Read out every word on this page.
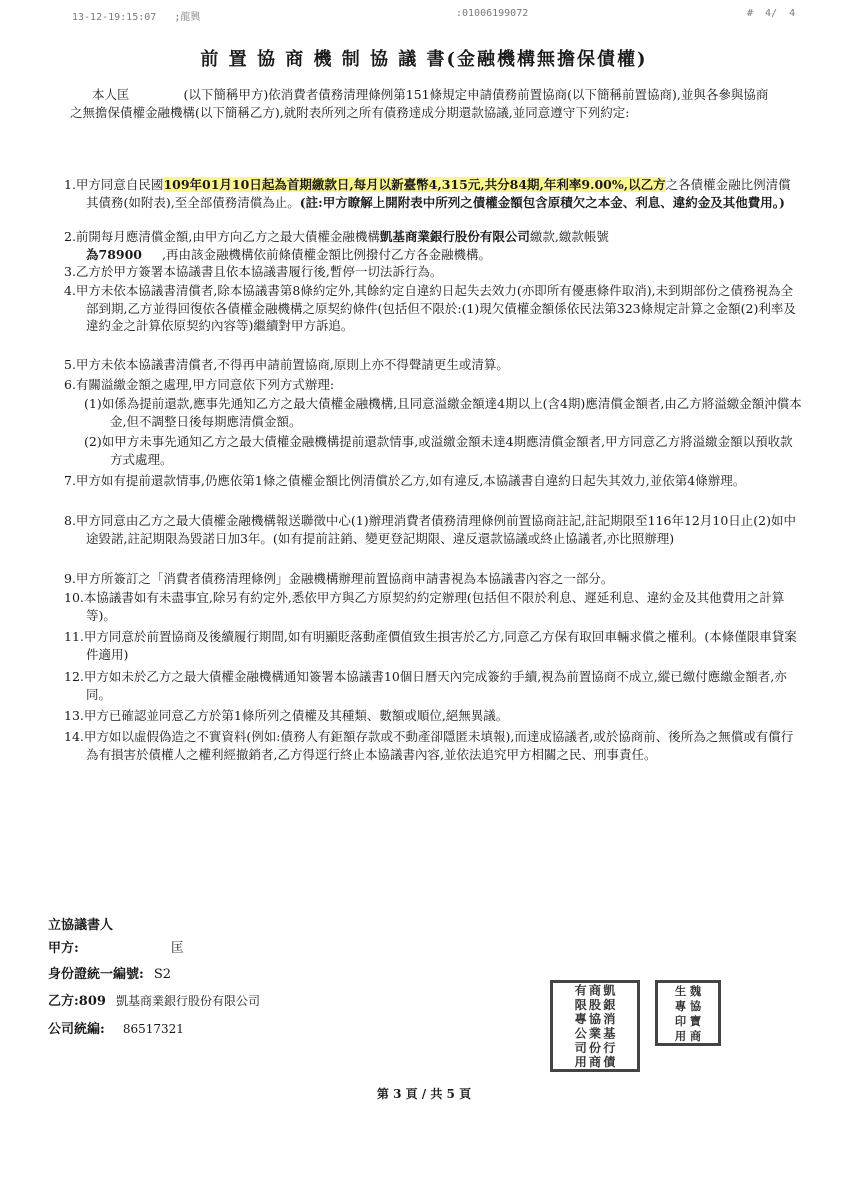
13-12-19:15:07   ;龍興	:01006199072	#  4/  4
前 置 協 商 機 制 協 議 書(金融機構無擔保債權)

本人匡	(以下簡稱甲方)依消費者債務清理條例第151條規定申請債務前置協商(以下簡稱前置協商),並與各參與協商之無擔保債權金融機構(以下簡稱乙方),就附表所列之所有債務達成分期還款協議,並同意遵守下列約定:

1.甲方同意自民國109年01月10日起為首期繳款日,每月以新臺幣4,315元,共分84期,年利率9.00%,以乙方之各債權金融比例清償其債務(如附表),至全部債務清償為止。(註:甲方瞭解上開附表中所列之債權金額包含原積欠之本金、利息、違約金及其他費用。)

2.前開每月應清償金額,由甲方向乙方之最大債權金融機構凱基商業銀行股份有限公司繳款,繳款帳號
為78900 ,再由該金融機構依前條債權金額比例撥付乙方各金融機構。

3.乙方於甲方簽署本協議書且依本協議書履行後,暫停一切法訴行為。

4.甲方未依本協議書清償者,除本協議書第8條約定外,其餘約定自違約日起失去效力(亦即所有優惠條件取消),未到期部份之債務視為全部到期,乙方並得回復依各債權金融機構之原契約條件(包括但不限於:(1)現欠債權金額係依民法第323條規定計算之金額(2)利率及違約金之計算依原契約內容等)繼續對甲方訴追。

5.甲方未依本協議書清償者,不得再申請前置協商,原則上亦不得聲請更生或清算。

6.有關溢繳金額之處理,甲方同意依下列方式辦理:

(1)如係為提前還款,應事先通知乙方之最大債權金融機構,且同意溢繳金額達4期以上(含4期)應清償金額者,由乙方將溢繳金額沖償本金,但不調整日後每期應清償金額。

(2)如甲方未事先通知乙方之最大債權金融機構提前還款情事,或溢繳金額未達4期應清償金額者,甲方同意乙方將溢繳金額以預收款方式處理。

7.甲方如有提前還款情事,仍應依第1條之債權金額比例清償於乙方,如有違反,本協議書自違約日起失其效力,並依第4條辦理。

8.甲方同意由乙方之最大債權金融機構報送聯徵中心(1)辦理消費者債務清理條例前置協商註記,註記期限至116年12月10日止(2)如中途毀諾,註記期限為毀諾日加3年。(如有提前註銷、變更登記期限、違反還款協議或終止協議者,亦比照辦理)

9.甲方所簽訂之「消費者債務清理條例」金融機構辦理前置協商申請書視為本協議書內容之一部分。

10.本協議書如有未盡事宜,除另有約定外,悉依甲方與乙方原契約約定辦理(包括但不限於利息、遲延利息、違約金及其他費用之計算等)。

11.甲方同意於前置協商及後續履行期間,如有明顯貶落動產價值致生損害於乙方,同意乙方保有取回車輛求償之權利。(本條僅限車貸案件適用)

12.甲方如未於乙方之最大債權金融機構通知簽署本協議書10個日曆天內完成簽約手續,視為前置協商不成立,縱已繳付應繳金額者,亦同。

13.甲方已確認並同意乙方於第1條所列之債權及其種類、數額或順位,絕無異議。

14.甲方如以虛假偽造之不實資料(例如:債務人有鉅額存款或不動產卻隱匿未填報),而達成協議者,或於協商前、後所為之無償或有償行為有損害於債權人之權利經撤銷者,乙方得逕行終止本協議書內容,並依法追究甲方相關之民、刑事責任。

立協議書人
甲方:	匡
身份證統一編號: S2
乙方:809 凱基商業銀行股份有限公司
公司統編: 86517321
凱
銀
消
基
行
債
商
股
協
業
份
商
有
限
專
公
司
用
魏
協
寶
商
生
專
印
用
第 3 頁 / 共 5 頁
